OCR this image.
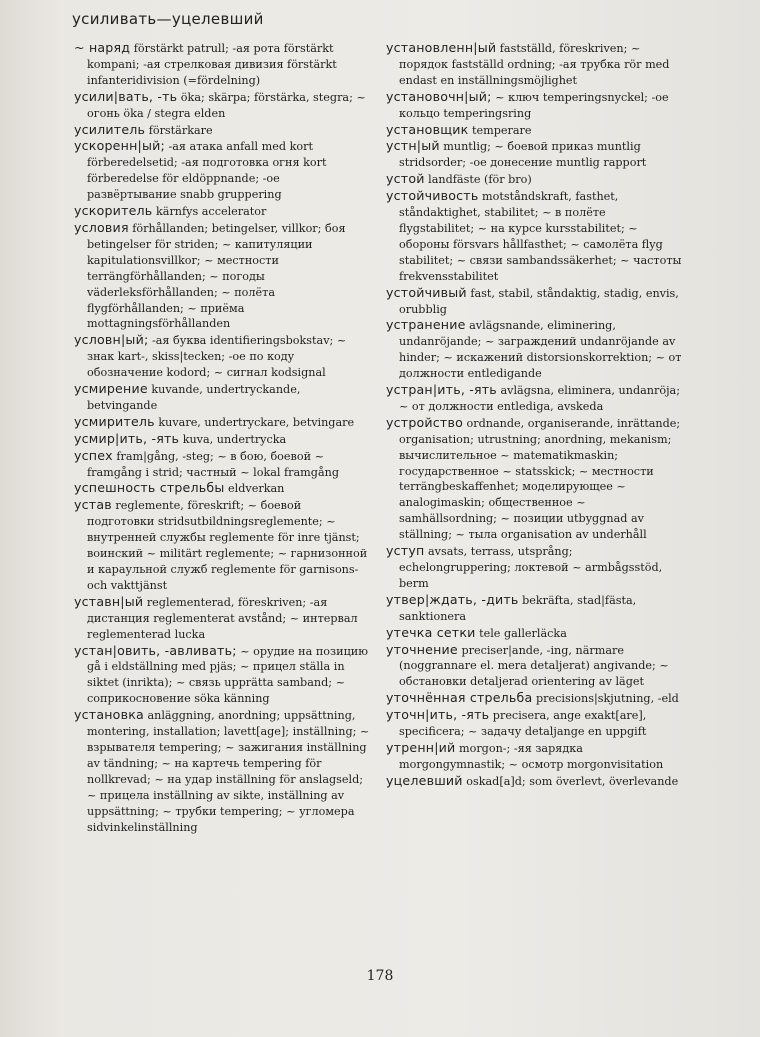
усиливать—уцелевший

~ наряд förstärkt patrull; -ая рота förstärkt kompani; -ая стрелковая дивизия förstärkt infanteridivision (=fördelning)

усили|вать, -ть öka; skärpa; förstärka, stegra; ~ огонь öka / stegra elden

усилитель förstärkare

ускоренн|ый; -ая атака anfall med kort förberedelsetid; -ая подготовка огня kort förberedelse för eldöppnande; -ое развёртывание snabb gruppering

ускоритель kärnfys accelerator

условия förhållanden; betingelser, villkor; боя betingelser för striden; ~ капитуляции kapitulationsvillkor; ~ местности terrängförhållanden; ~ погоды väderleksförhållanden; ~ полёта flygförhållanden; ~ приёма mottagningsförhållanden

условн|ый; -ая буква identifieringsbokstav; ~ знак kart-, skiss|tecken; -ое по коду обозначение kodord; ~ сигнал kodsignal

усмирение kuvande, undertryckande, betvingande

усмиритель kuvare, undertryckare, betvingare

усмир|ить, -ять kuva, undertrycka

успех fram|gång, -steg; ~ в бою, боевой ~ framgång i strid; частный ~ lokal framgång

успешность стрельбы eldverkan

устав reglemente, föreskrift; ~ боевой подготовки stridsutbildningsreglemente; ~ внутренней службы reglemente för inre tjänst; воинский ~ militärt reglemente; ~ гарнизонной и караульной служб reglemente för garnisons- och vakttjänst

уставн|ый reglementerad, föreskriven; -ая дистанция reglementerat avstånd; ~ интервал reglementerad lucka

устан|овить, -авливать; ~ орудие на позицию gå i eldställning med pjäs; ~ прицел ställa in siktet (inrikta); ~ связь upprätta samband; ~ соприкосновение söka känning

установка anläggning, anordning; uppsättning, montering, installation; lavett[age]; inställning; ~ взрывателя tempering; ~ зажигания inställning av tändning; ~ на картечь tempering för nollkrevad; ~ на удар inställning för anslagseld; ~ прицела inställning av sikte, inställning av uppsättning; ~ трубки tempering; ~ угломера sidvinkelinställning

установленн|ый fastställd, föreskriven; ~ порядок fastställd ordning; -ая трубка rör med endast en inställningsmöjlighet

установочн|ый; ~ ключ temperingsnyckel; -ое кольцо temperingsring

установщик temperare

устн|ый muntlig; ~ боевой приказ muntlig stridsorder; -ое донесение muntlig rapport

устой landfäste (för bro)

устойчивость motståndskraft, fasthet, ståndaktighet, stabilitet; ~ в полёте flygstabilitet; ~ на курсе kursstabilitet; ~ обороны försvars hållfasthet; ~ самолёта flyg stabilitet; ~ связи sambandssäkerhet; ~ частоты frekvensstabilitet

устойчивый fast, stabil, ståndaktig, stadig, envis, orubblig

устранение avlägsnande, eliminering, undanröjande; ~ заграждений undanröjande av hinder; ~ искажений distorsionskorrektion; ~ от должности entledigande

устран|ить, -ять avlägsna, eliminera, undanröja; ~ от должности entlediga, avskeda

устройство ordnande, organiserande, inrättande; organisation; utrustning; anordning, mekanism; вычислительное ~ matematikmaskin; государственное ~ statsskick; ~ местности terrängbeskaffenhet; моделирующее ~ analogimaskin; общественное ~ samhällsordning; ~ позиции utbyggnad av ställning; ~ тыла organisation av underhåll

уступ avsats, terrass, utsprång; echelongruppering; локтевой ~ armbågsstöd, berm

утвер|ждать, -дить bekräfta, stad|fästa, sanktionera

утечка сетки tele gallerläcka

уточнение preciser|ande, -ing, närmare (noggrannare el. mera detaljerat) angivande; ~ обстановки detaljerad orientering av läget

уточнённая стрельба precisions|skjutning, -eld

уточн|ить, -ять precisera, ange exakt[are], specificera; ~ задачу detaljange en uppgift

утренн|ий morgon-; -яя зарядка morgongymnastik; ~ осмотр morgonvisitation

уцелевший oskad[a]d; som överlevt, överlevande

178
